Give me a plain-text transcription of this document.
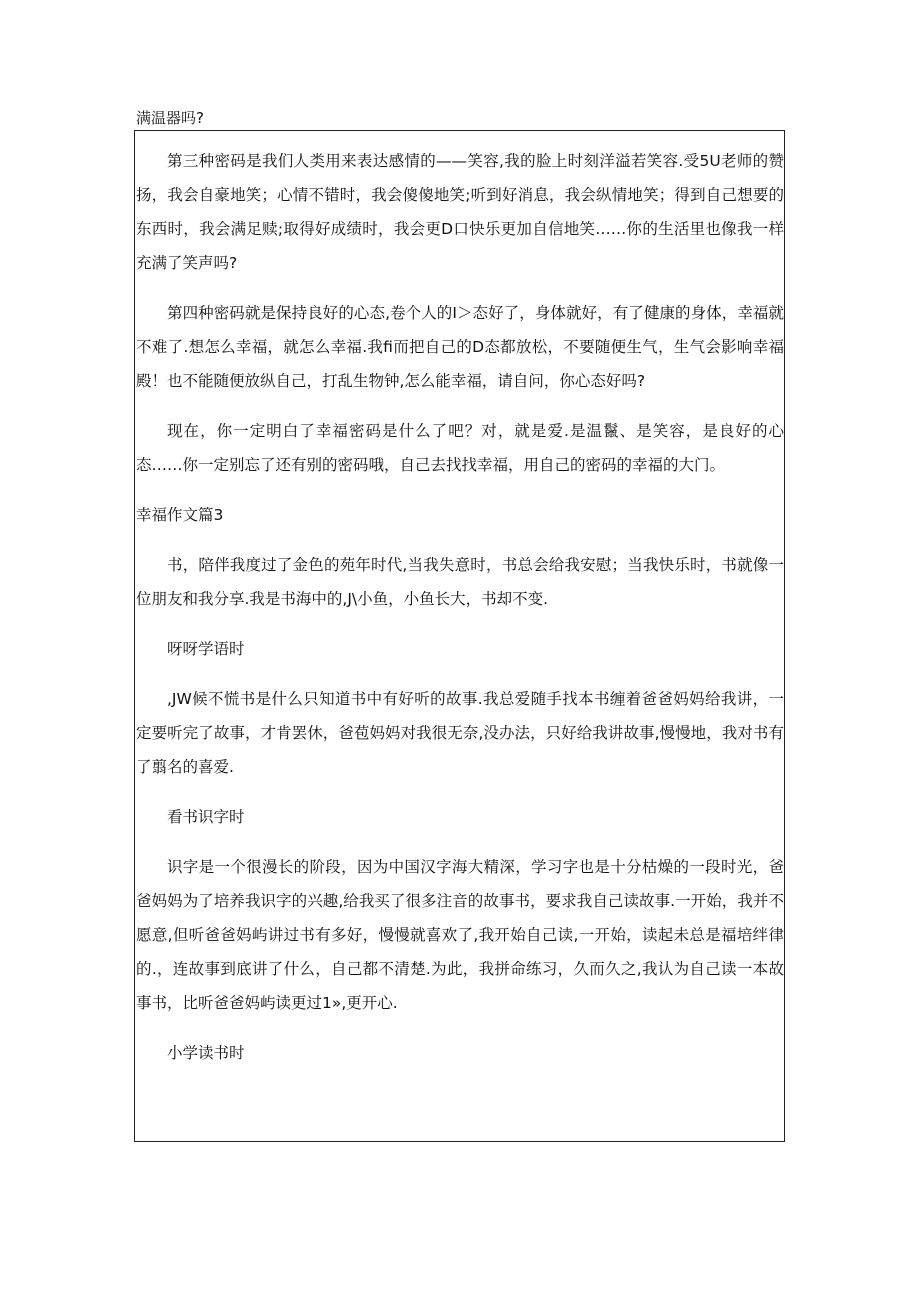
满温器吗?

第三种密码是我们人类用来表达感情的——笑容,我的脸上时刻洋溢若笑容.受5U老师的赞扬，我会自豪地笑；心情不错时，我会傻傻地笑;听到好消息，我会纵情地笑；得到自己想要的东西时，我会满足赎;取得好成绩时，我会更D口快乐更加自信地笑……你的生活里也像我一样充满了笑声吗?

第四种密码就是保持良好的心态,卷个人的I＞态好了，身体就好，有了健康的身体，幸福就不难了.想怎么幸福，就怎么幸福.我fi而把自己的D态都放松，不要随便生气，生气会影响幸福殿！也不能随便放纵自己，打乱生物钟,怎么能幸福，请自问，你心态好吗?

现在，你一定明白了幸福密码是什么了吧？对，就是爱.是温鬣、是笑容，是良好的心态……你一定别忘了还有别的密码哦，自己去找找幸福，用自己的密码的幸福的大门。

幸福作文篇3

书，陪伴我度过了金色的苑年时代,当我失意时，书总会给我安慰；当我快乐时，书就像一位朋友和我分享.我是书海中的,J\小鱼，小鱼长大，书却不变.

呀呀学语时

,JW候不慌书是什么只知道书中有好听的故事.我总爱随手找本书缠着爸爸妈妈给我讲，一定要听完了故事，才肯罢休，爸苞妈妈对我很无奈,没办法，只好给我讲故事,慢慢地，我对书有了翦名的喜爱.

看书识字时

识字是一个很漫长的阶段，因为中国汉字海大精深，学习字也是十分枯燥的一段时光，爸爸妈妈为了培养我识字的兴趣,给我买了很多注音的故事书，要求我自己读故事.一开始，我并不愿意,但听爸爸妈屿讲过书有多好，慢慢就喜欢了,我开始自己读,一开始，读起未总是福培绊律的.，连故事到底讲了什么，自己都不清楚.为此，我拼命练习，久而久之,我认为自己读一本故事书，比听爸爸妈屿读更过1»,更开心.

小学读书时
